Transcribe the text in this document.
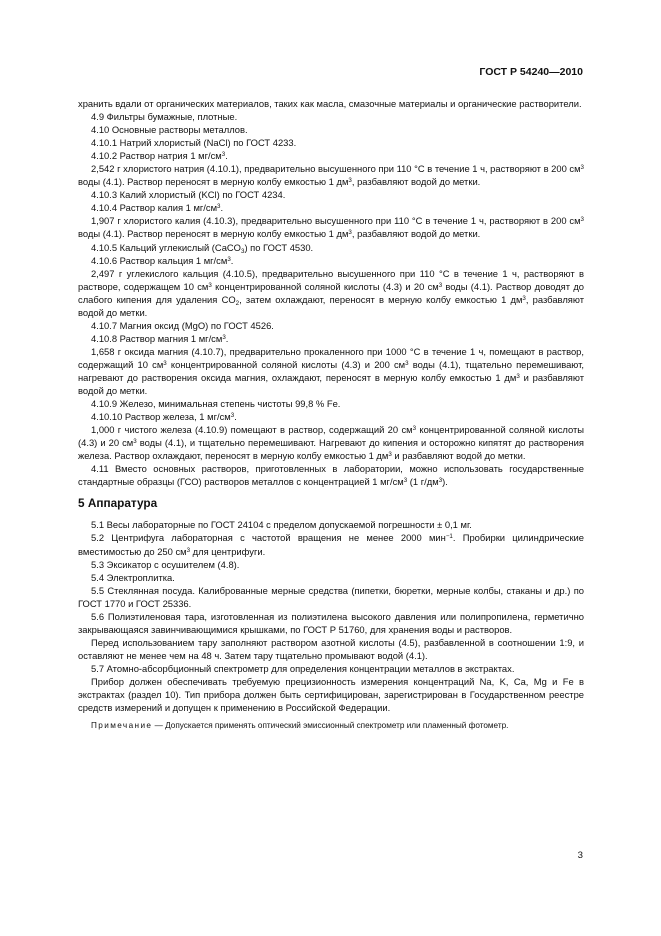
ГОСТ Р 54240—2010

хранить вдали от органических материалов, таких как масла, смазочные материалы и органические растворители.

4.9 Фильтры бумажные, плотные.

4.10 Основные растворы металлов.

4.10.1 Натрий хлористый (NaCl) по ГОСТ 4233.

4.10.2 Раствор натрия 1 $мг/см^3$.

2,542 г хлористого натрия (4.10.1), предварительно высушенного при 110 °С в течение 1 ч, растворяют в 200 $см^3$ воды (4.1). Раствор переносят в мерную колбу емкостью 1 $дм^3$, разбавляют водой до метки.

4.10.3 Калий хлористый (KCl) по ГОСТ 4234.

4.10.4 Раствор калия 1 $мг/см^3$.

1,907 г хлористого калия (4.10.3), предварительно высушенного при 110 °С в течение 1 ч, растворяют в 200 $см^3$ воды (4.1). Раствор переносят в мерную колбу емкостью 1 $дм^3$, разбавляют водой до метки.

4.10.5 Кальций углекислый (CaCO$_3$) по ГОСТ 4530.

4.10.6 Раствор кальция 1 $мг/см^3$.

2,497 г углекислого кальция (4.10.5), предварительно высушенного при 110 °С в течение 1 ч, растворяют в растворе, содержащем 10 $см^3$ концентрированной соляной кислоты (4.3) и 20 $см^3$ воды (4.1). Раствор доводят до слабого кипения для удаления $CO_2$, затем охлаждают, переносят в мерную колбу емкостью 1 $дм^3$, разбавляют водой до метки.

4.10.7 Магния оксид (MgO) по ГОСТ 4526.

4.10.8 Раствор магния 1 $мг/см^3$.

1,658 г оксида магния (4.10.7), предварительно прокаленного при 1000 °С в течение 1 ч, помещают в раствор, содержащий 10 $см^3$ концентрированной соляной кислоты (4.3) и 200 $см^3$ воды (4.1), тщательно перемешивают, нагревают до растворения оксида магния, охлаждают, переносят в мерную колбу емкостью 1 $дм^3$ и разбавляют водой до метки.

4.10.9 Железо, минимальная степень чистоты 99,8 % Fe.

4.10.10 Раствор железа, 1 $мг/см^3$.

1,000 г чистого железа (4.10.9) помещают в раствор, содержащий 20 $см^3$ концентрированной соляной кислоты (4.3) и 20 $см^3$ воды (4.1), и тщательно перемешивают. Нагревают до кипения и осторожно кипятят до растворения железа. Раствор охлаждают, переносят в мерную колбу емкостью 1 $дм^3$ и разбавляют водой до метки.

4.11 Вместо основных растворов, приготовленных в лаборатории, можно использовать государственные стандартные образцы (ГСО) растворов металлов с концентрацией 1 $мг/см^3$ (1 $г/дм^3$).

5 Аппаратура

5.1 Весы лабораторные по ГОСТ 24104 с пределом допускаемой погрешности ± 0,1 мг.

5.2 Центрифуга лабораторная с частотой вращения не менее 2000 мин$^{-1}$. Пробирки цилиндрические вместимостью до 250 $см^3$ для центрифуги.

5.3 Эксикатор с осушителем (4.8).

5.4 Электроплитка.

5.5 Стеклянная посуда. Калиброванные мерные средства (пипетки, бюретки, мерные колбы, стаканы и др.) по ГОСТ 1770 и ГОСТ 25336.

5.6 Полиэтиленовая тара, изготовленная из полиэтилена высокого давления или полипропилена, герметично закрывающаяся завинчивающимися крышками, по ГОСТ Р 51760, для хранения воды и растворов.

Перед использованием тару заполняют раствором азотной кислоты (4.5), разбавленной в соотношении 1:9, и оставляют не менее чем на 48 ч. Затем тару тщательно промывают водой (4.1).

5.7 Атомно-абсорбционный спектрометр для определения концентрации металлов в экстрактах.

Прибор должен обеспечивать требуемую прецизионность измерения концентраций Na, K, Ca, Mg и Fe в экстрактах (раздел 10). Тип прибора должен быть сертифицирован, зарегистрирован в Государственном реестре средств измерений и допущен к применению в Российской Федерации.

Примечание — Допускается применять оптический эмиссионный спектрометр или пламенный фотометр.

3
